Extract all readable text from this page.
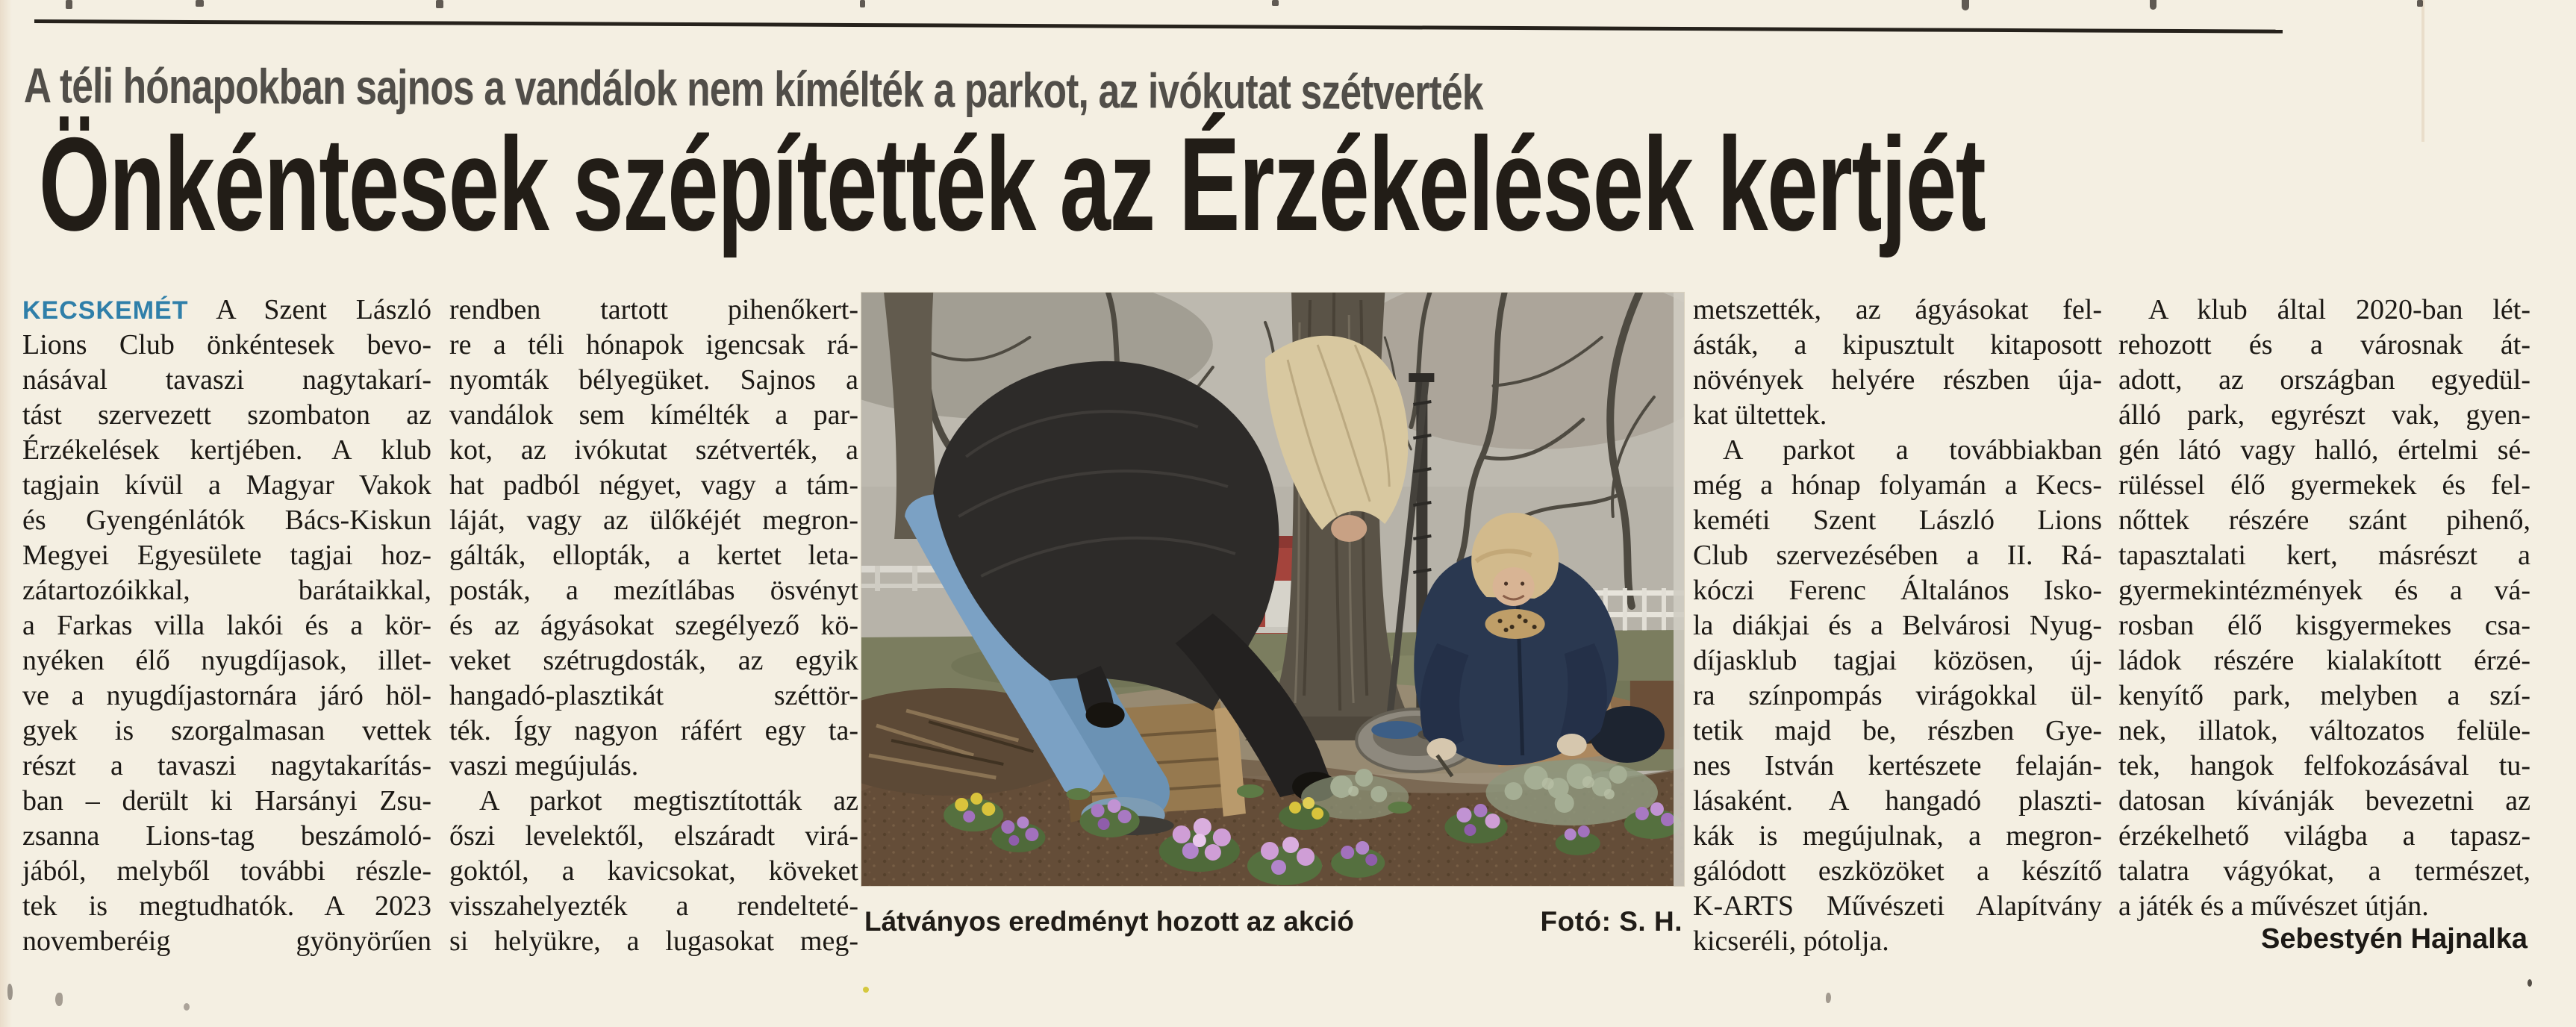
A téli hónapokban sajnos a vandálok nem kímélték a parkot, az ivókutat szétverték
Önkéntesek szépítették az Érzékelések kertjét
KECSKEMÉT A Szent László
Lions Club önkéntesek bevo-
násával tavaszi nagytakarí-
tást szervezett szombaton az
Érzékelések kertjében. A klub
tagjain kívül a Magyar Vakok
és Gyengénlátók Bács-Kiskun
Megyei Egyesülete tagjai hoz-
zátartozóikkal, barátaikkal,
a Farkas villa lakói és a kör-
nyéken élő nyugdíjasok, illet-
ve a nyugdíjastornára járó höl-
gyek is szorgalmasan vettek
részt a tavaszi nagytakarítás-
ban – derült ki Harsányi Zsu-
zsanna Lions-tag beszámoló-
jából, melyből további részle-
tek is megtudhatók. A 2023
novemberéig gyönyörűen
rendben tartott pihenőkert-
re a téli hónapok igencsak rá-
nyomták bélyegüket. Sajnos a
vandálok sem kímélték a par-
kot, az ivókutat szétverték, a
hat padból négyet, vagy a tám-
láját, vagy az ülőkéjét megron-
gálták, ellopták, a kertet leta-
posták, a mezítlábas ösvényt
és az ágyásokat szegélyező kö-
veket szétrugdosták, az egyik
hangadó-plasztikát széttör-
ték. Így nagyon ráfért egy ta-
vaszi megújulás.
A parkot megtisztították az
őszi levelektől, elszáradt virá-
goktól, a kavicsokat, köveket
visszahelyezték a rendelteté-
si helyükre, a lugasokat meg-
metszették, az ágyásokat fel-
ásták, a kipusztult kitaposott
növények helyére részben úja-
kat ültettek.
A parkot a továbbiakban
még a hónap folyamán a Kecs-
keméti Szent László Lions
Club szervezésében a II. Rá-
kóczi Ferenc Általános Isko-
la diákjai és a Belvárosi Nyug-
díjasklub tagjai közösen, új-
ra színpompás virágokkal ül-
tetik majd be, részben Gye-
nes István kertészete felaján-
lásaként. A hangadó plaszti-
kák is megújulnak, a megron-
gálódott eszközöket a készítő
K-ARTS Művészeti Alapítvány
kicseréli, pótolja.
A klub által 2020-ban lét-
rehozott és a városnak át-
adott, az országban egyedül-
álló park, egyrészt vak, gyen-
gén látó vagy halló, értelmi sé-
rüléssel élő gyermekek és fel-
nőttek részére szánt pihenő,
tapasztalati kert, másrészt a
gyermekintézmények és a vá-
rosban élő kisgyermekes csa-
ládok részére kialakított érzé-
kenyítő park, melyben a szí-
nek, illatok, változatos felüle-
tek, hangok felfokozásával tu-
datosan kívánják bevezetni az
érzékelhető világba a tapasz-
talatra vágyókat, a természet,
a játék és a művészet útján.
Látványos eredményt hozott az akció	Fotó: S. H.
Sebestyén Hajnalka
